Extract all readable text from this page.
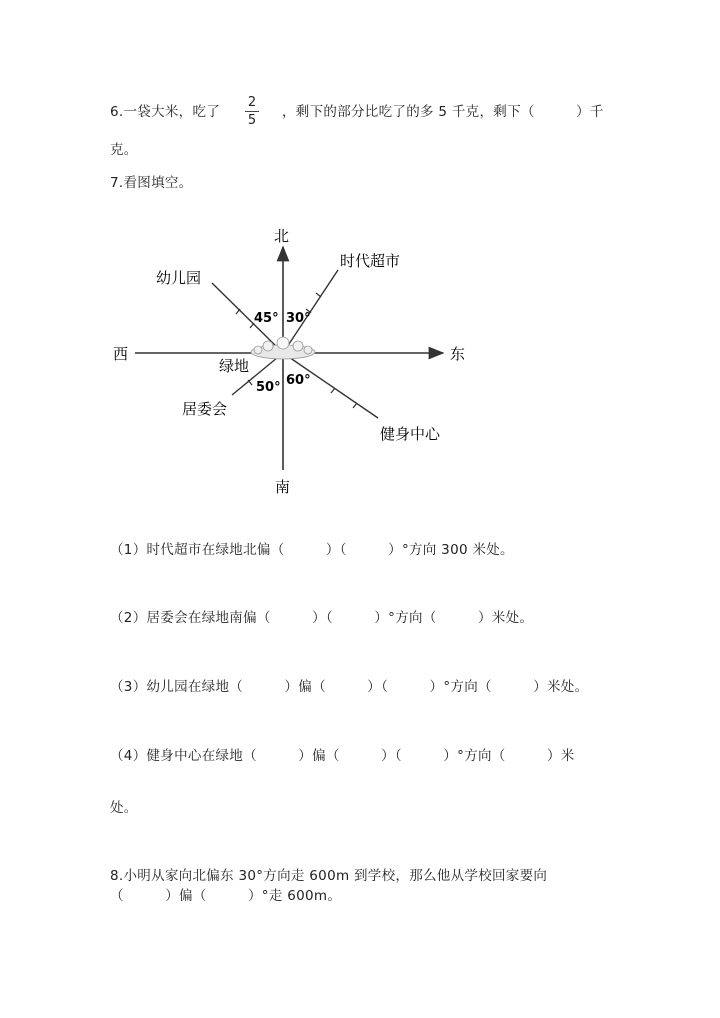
6.一袋大米，吃了
2
5
，剩下的部分比吃了的多 5 千克，剩下（　　　）千
克。
7.看图填空。
北
南
东
西
时代超市
幼儿园
绿地
居委会
健身中心
45° 30°
50° 60°
（1）时代超市在绿地北偏（　　　）（　　　）°方向 300 米处。
（2）居委会在绿地南偏（　　　）（　　　）°方向（　　　）米处。
（3）幼儿园在绿地（　　　）偏（　　　）（　　　）°方向（　　　）米处。
（4）健身中心在绿地（　　　）偏（　　　）（　　　）°方向（　　　）米
处。
8.小明从家向北偏东 30°方向走 600m 到学校，那么他从学校回家要向
（　　　）偏（　　　）°走 600m。
